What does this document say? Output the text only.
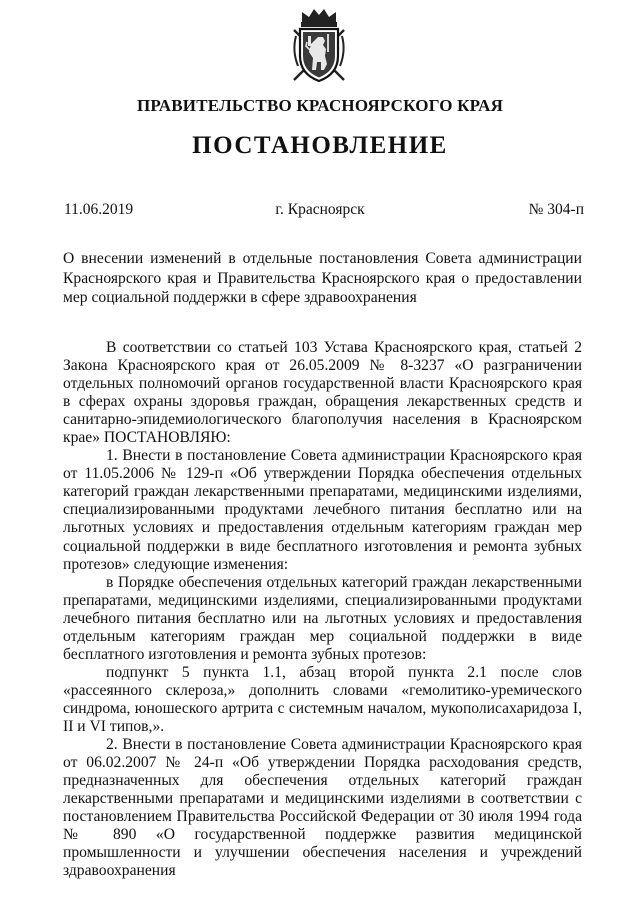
ПРАВИТЕЛЬСТВО КРАСНОЯРСКОГО КРАЯ
ПОСТАНОВЛЕНИЕ
11.06.2019	г. Красноярск	№ 304-п
О внесении изменений в отдельные постановления Совета администрации Красноярского края и Правительства Красноярского края о предоставлении мер социальной поддержки в сфере здравоохранения

В соответствии со статьей 103 Устава Красноярского края, статьей 2 Закона Красноярского края от 26.05.2009 № 8-3237 «О разграничении отдельных полномочий органов государственной власти Красноярского края в сферах охраны здоровья граждан, обращения лекарственных средств и санитарно-эпидемиологического благополучия населения в Красноярском крае» ПОСТАНОВЛЯЮ:

1. Внести в постановление Совета администрации Красноярского края от 11.05.2006 № 129-п «Об утверждении Порядка обеспечения отдельных категорий граждан лекарственными препаратами, медицинскими изделиями, специализированными продуктами лечебного питания бесплатно или на льготных условиях и предоставления отдельным категориям граждан мер социальной поддержки в виде бесплатного изготовления и ремонта зубных протезов» следующие изменения:

в Порядке обеспечения отдельных категорий граждан лекарственными препаратами, медицинскими изделиями, специализированными продуктами лечебного питания бесплатно или на льготных условиях и предоставления отдельным категориям граждан мер социальной поддержки в виде бесплатного изготовления и ремонта зубных протезов:

подпункт 5 пункта 1.1, абзац второй пункта 2.1 после слов «рассеянного склероза,» дополнить словами «гемолитико-уремического синдрома, юношеского артрита с системным началом, мукополисахаридоза I, II и VI типов,».

2. Внести в постановление Совета администрации Красноярского края от 06.02.2007 № 24-п «Об утверждении Порядка расходования средств, предназначенных для обеспечения отдельных категорий граждан лекарственными препаратами и медицинскими изделиями в соответствии с постановлением Правительства Российской Федерации от 30 июля 1994 года № 890 «О государственной поддержке развития медицинской промышленности и улучшении обеспечения населения и учреждений здравоохранения
